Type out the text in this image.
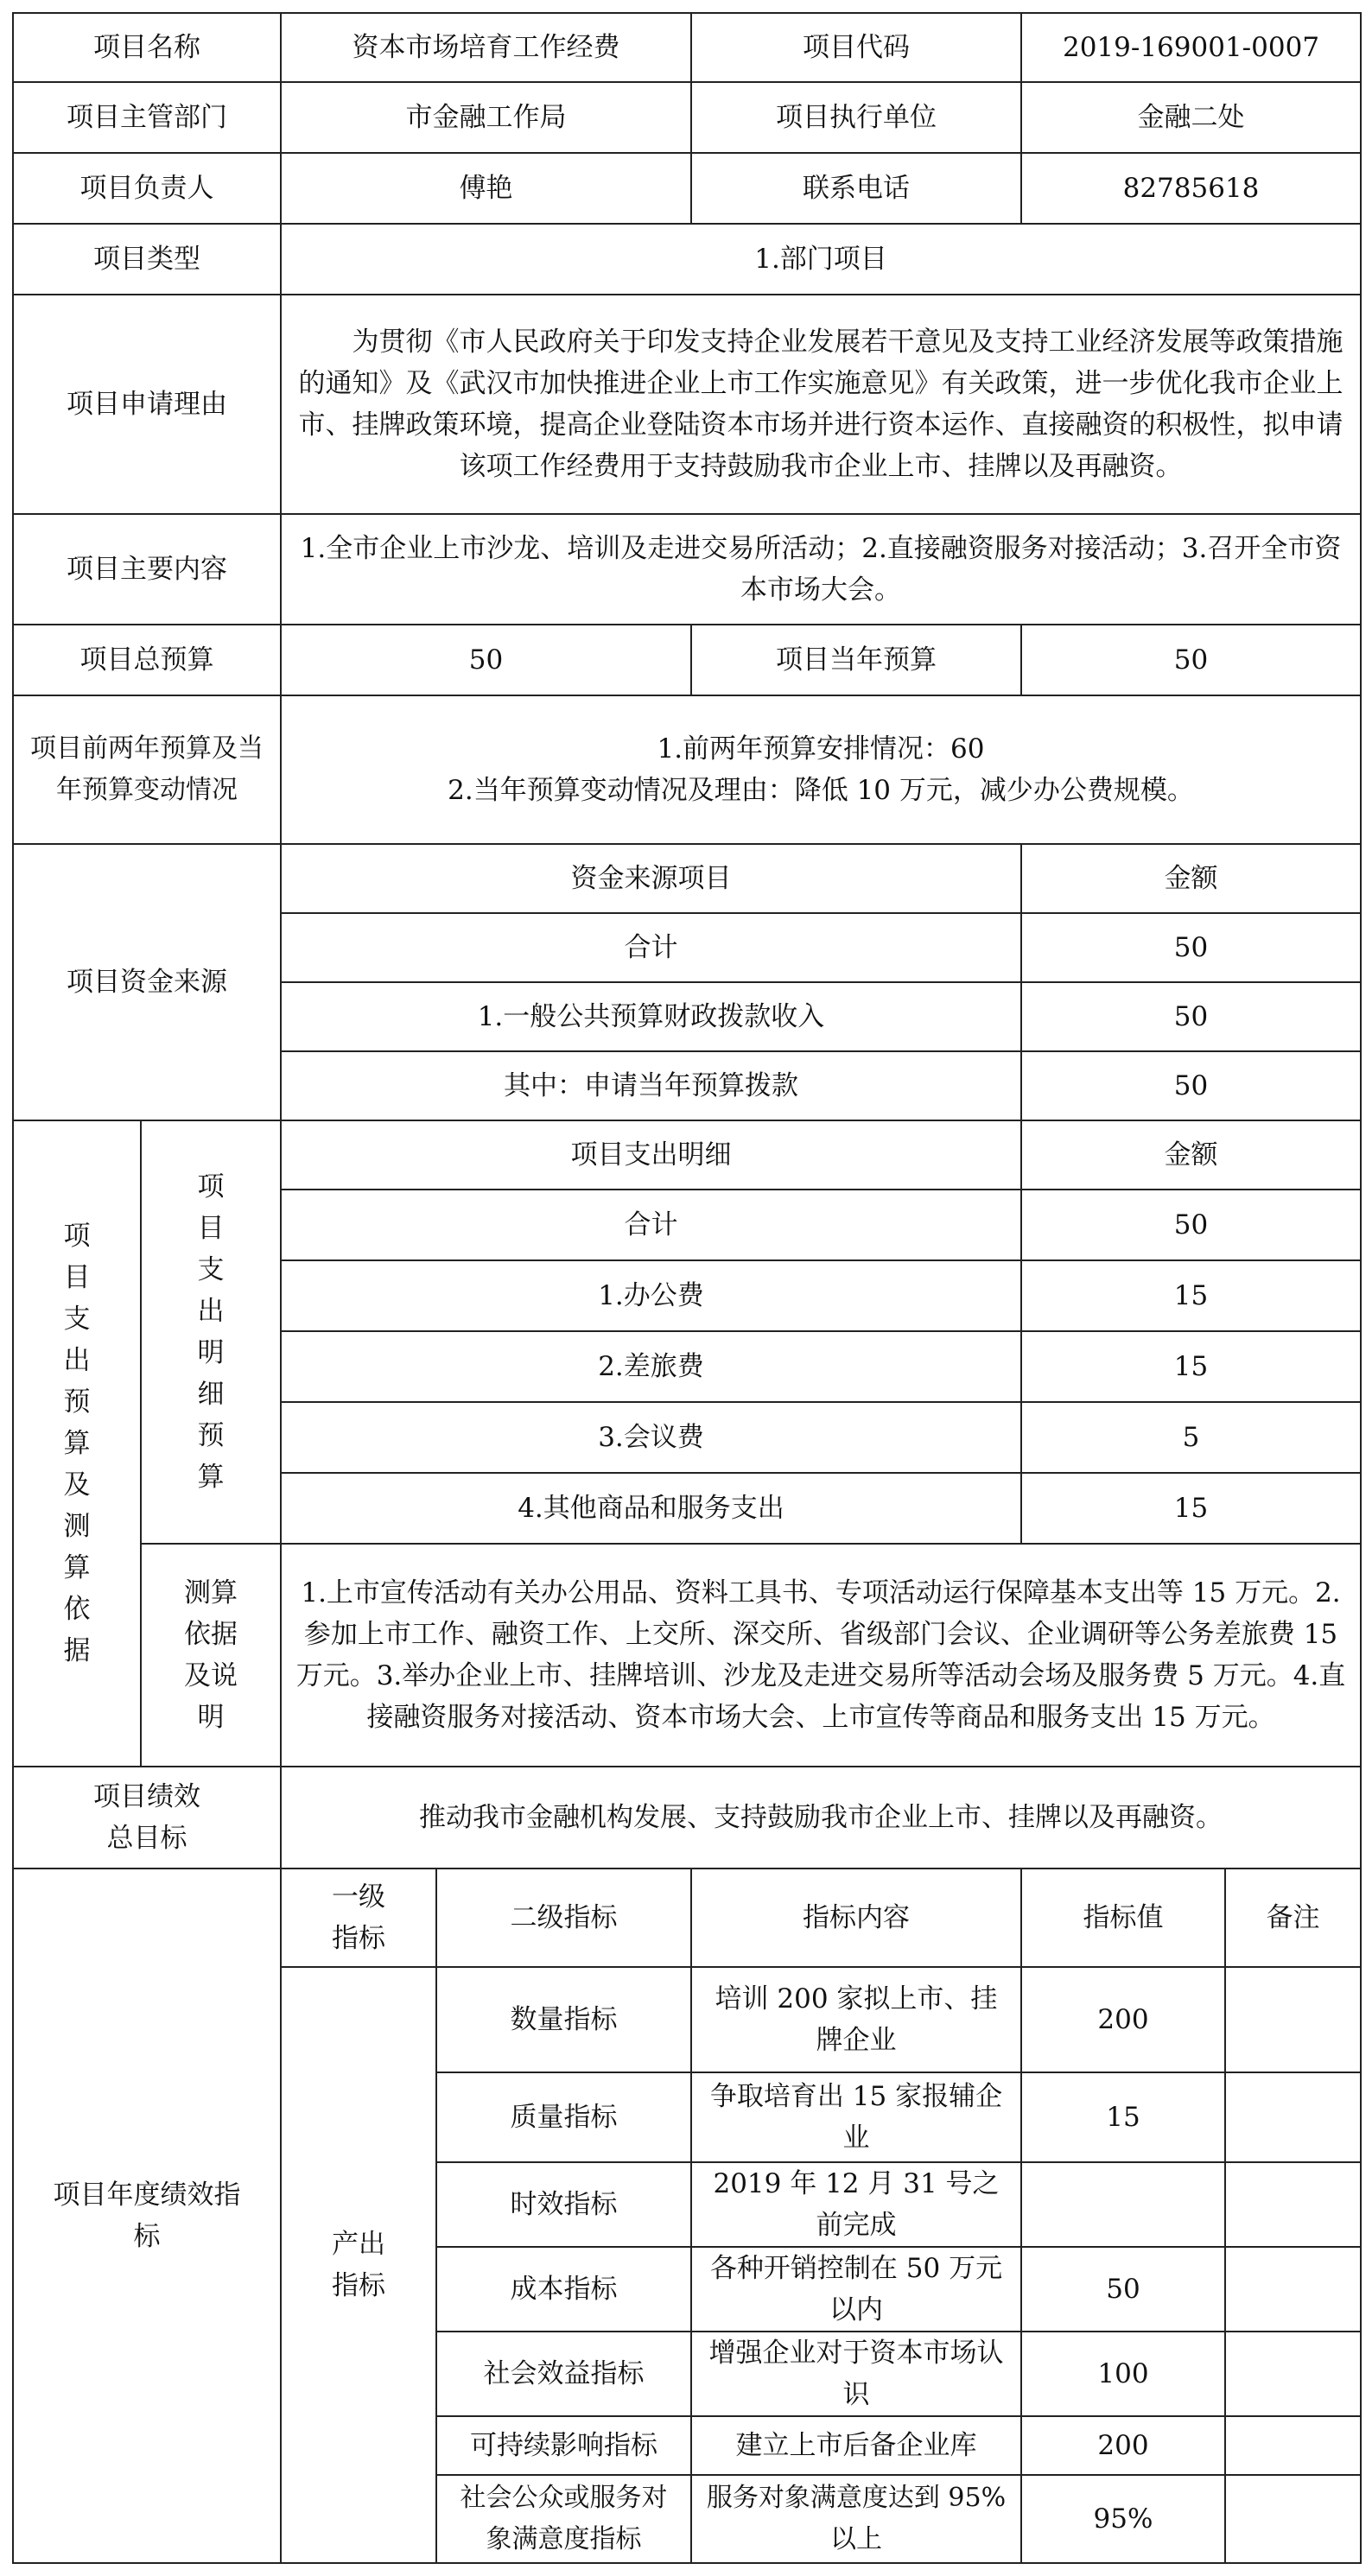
项目名称		资本市场培育工作经费		项目代码	2019-169001-0007	
项目主管部门		市金融工作局		项目执行单位	金融二处	
项目负责人		傅艳		联系电话	82785618	
项目类型		1.部门项目				
项目申请理由		为贯彻《市人民政府关于印发支持企业发展若干意见及支持工业经济发展等政策措施的通知》及《武汉市加快推进企业上市工作实施意见》有关政策，进一步优化我市企业上市、挂牌政策环境，提高企业登陆资本市场并进行资本运作、直接融资的积极性，拟申请该项工作经费用于支持鼓励我市企业上市、挂牌以及再融资。				
项目主要内容		1.全市企业上市沙龙、培训及走进交易所活动；2.直接融资服务对接活动；3.召开全市资本市场大会。				
项目总预算		50		项目当年预算	50	
项目前两年预算及当年预算变动情况		1.前两年预算安排情况：60
2.当年预算变动情况及理由：降低 10 万元，减少办公费规模。				

项目资金来源		资金来源项目			金额	
		合计			50	
		1.一般公共预算财政拨款收入			50	
		其中：申请当年预算拨款			50	
项目支出预算及测算依据	项目支出明细预算	项目支出明细			金额	
		合计			50	
		1.办公费			15	
		2.差旅费			15	
		3.会议费			5	
		4.其他商品和服务支出			15	
	测算依据及说明	1.上市宣传活动有关办公用品、资料工具书、专项活动运行保障基本支出等 15 万元。2.参加上市工作、融资工作、上交所、深交所、省级部门会议、企业调研等公务差旅费 15 万元。3.举办企业上市、挂牌培训、沙龙及走进交易所等活动会场及服务费 5 万元。4.直接融资服务对接活动、资本市场大会、上市宣传等商品和服务支出 15 万元。				
项目绩效总目标		推动我市金融机构发展、支持鼓励我市企业上市、挂牌以及再融资。				
项目年度绩效指标		一级指标	二级指标	指标内容	指标值	备注
		产出指标	数量指标	培训 200 家拟上市、挂牌企业	200	
			质量指标	争取培育出 15 家报辅企业	15	
			时效指标	2019 年 12 月 31 号之前完成		
			成本指标	各种开销控制在 50 万元以内	50	
			社会效益指标	增强企业对于资本市场认识	100	
			可持续影响指标	建立上市后备企业库	200	
			社会公众或服务对象满意度指标	服务对象满意度达到 95%以上	95%	
